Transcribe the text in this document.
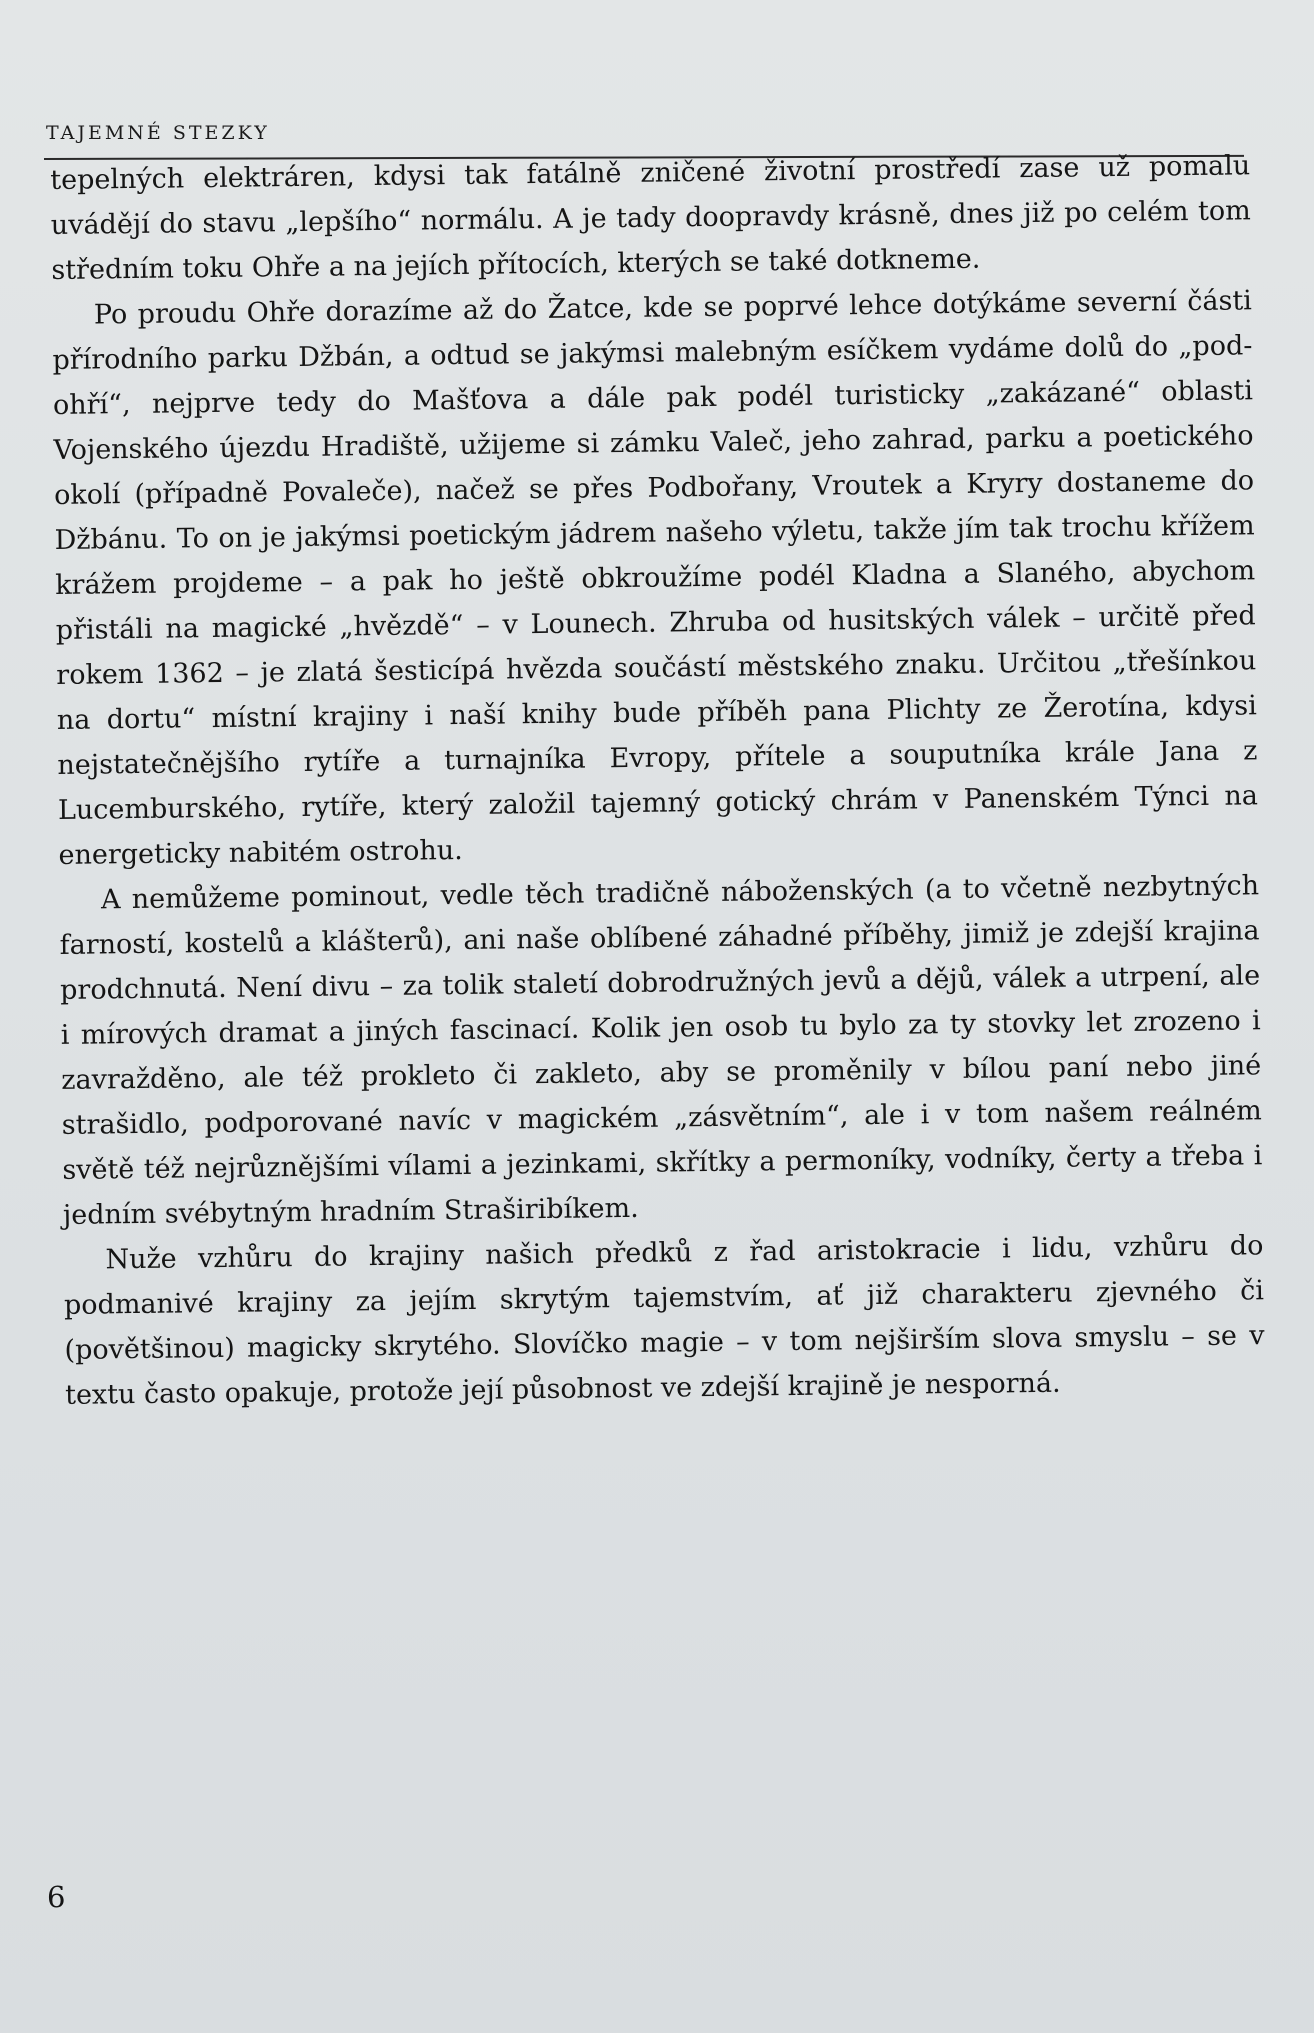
TAJEMNÉ STEZKY

tepelných elektráren, kdysi tak fatálně zničené životní prostředí zase už pomalu uvádějí do stavu „lepšího“ normálu. A je tady doopravdy krásně, dnes již po celém tom středním toku Ohře a na jejích přítocích, kterých se také dotkneme.

Po proudu Ohře dorazíme až do Žatce, kde se poprvé lehce dotýkáme severní části přírodního parku Džbán, a odtud se jakýmsi malebným esíčkem vydáme dolů do „pod-ohří“, nejprve tedy do Mašťova a dále pak podél turisticky „zakázané“ oblasti Vojenského újezdu Hradiště, užijeme si zámku Valeč, jeho zahrad, parku a poetického okolí (případně Povaleče), načež se přes Podbořany, Vroutek a Kryry dostaneme do Džbánu. To on je jakýmsi poetickým jádrem našeho výletu, takže jím tak trochu křížem krážem projdeme – a pak ho ještě obkroužíme podél Kladna a Slaného, abychom přistáli na magické „hvězdě“ – v Lounech. Zhruba od husitských válek – určitě před rokem 1362 – je zlatá šesticípá hvězda součástí městského znaku. Určitou „třešínkou na dortu“ místní krajiny i naší knihy bude příběh pana Plichty ze Žerotína, kdysi nejstatečnějšího rytíře a turnajníka Evropy, přítele a souputníka krále Jana z Lucemburského, rytíře, který založil tajemný gotický chrám v Panenském Týnci na energeticky nabitém ostrohu.

A nemůžeme pominout, vedle těch tradičně náboženských (a to včetně nezbytných farností, kostelů a klášterů), ani naše oblíbené záhadné příběhy, jimiž je zdejší krajina prodchnutá. Není divu – za tolik staletí dobrodružných jevů a dějů, válek a utrpení, ale i mírových dramat a jiných fascinací. Kolik jen osob tu bylo za ty stovky let zrozeno i zavražděno, ale též prokleto či zakleto, aby se proměnily v bílou paní nebo jiné strašidlo, podporované navíc v magickém „zásvětním“, ale i v tom našem reálném světě též nejrůznějšími vílami a jezinkami, skřítky a permoníky, vodníky, čerty a třeba i jedním svébytným hradním Straširibíkem.

Nuže vzhůru do krajiny našich předků z řad aristokracie i lidu, vzhůru do podmanivé krajiny za jejím skrytým tajemstvím, ať již charakteru zjevného či (povětšinou) magicky skrytého. Slovíčko magie – v tom nejširším slova smyslu – se v textu často opakuje, protože její působnost ve zdejší krajině je nesporná.

6
